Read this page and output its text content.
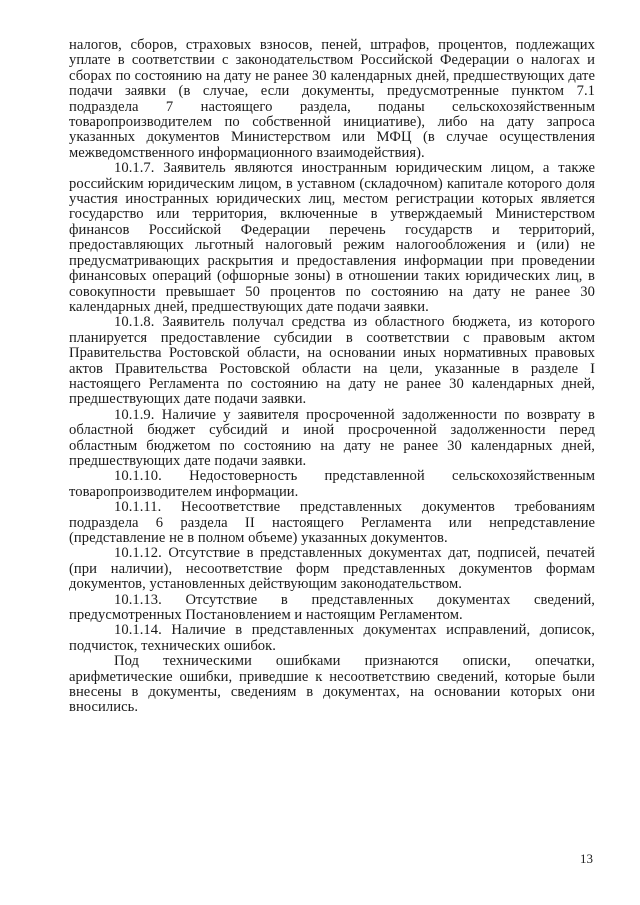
налогов, сборов, страховых взносов, пеней, штрафов, процентов, подлежащих уплате в соответствии с законодательством Российской Федерации о налогах и сборах по состоянию на дату не ранее 30 календарных дней, предшествующих дате подачи заявки (в случае, если документы, предусмотренные пунктом 7.1 подраздела 7 настоящего раздела, поданы сельскохозяйственным товаропроизводителем по собственной инициативе), либо на дату запроса указанных документов Министерством или МФЦ (в случае осуществления межведомственного информационного взаимодействия).

10.1.7. Заявитель являются иностранным юридическим лицом, а также российским юридическим лицом, в уставном (складочном) капитале которого доля участия иностранных юридических лиц, местом регистрации которых является государство или территория, включенные в утверждаемый Министерством финансов Российской Федерации перечень государств и территорий, предоставляющих льготный налоговый режим налогообложения и (или) не предусматривающих раскрытия и предоставления информации при проведении финансовых операций (офшорные зоны) в отношении таких юридических лиц, в совокупности превышает 50 процентов по состоянию на дату не ранее 30 календарных дней, предшествующих дате подачи заявки.

10.1.8. Заявитель получал средства из областного бюджета, из которого планируется предоставление субсидии в соответствии с правовым актом Правительства Ростовской области, на основании иных нормативных правовых актов Правительства Ростовской области на цели, указанные в разделе I настоящего Регламента по состоянию на дату не ранее 30 календарных дней, предшествующих дате подачи заявки.

10.1.9. Наличие у заявителя просроченной задолженности по возврату в областной бюджет субсидий и иной просроченной задолженности перед областным бюджетом по состоянию на дату не ранее 30 календарных дней, предшествующих дате подачи заявки.

10.1.10. Недостоверность представленной сельскохозяйственным товаропроизводителем информации.

10.1.11. Несоответствие представленных документов требованиям подраздела 6 раздела II настоящего Регламента или непредставление (представление не в полном объеме) указанных документов.

10.1.12. Отсутствие в представленных документах дат, подписей, печатей (при наличии), несоответствие форм представленных документов формам документов, установленных действующим законодательством.

10.1.13. Отсутствие в представленных документах сведений, предусмотренных Постановлением и настоящим Регламентом.

10.1.14. Наличие в представленных документах исправлений, дописок, подчисток, технических ошибок.

Под техническими ошибками признаются описки, опечатки, арифметические ошибки, приведшие к несоответствию сведений, которые были внесены в документы, сведениям в документах, на основании которых они вносились.

13
